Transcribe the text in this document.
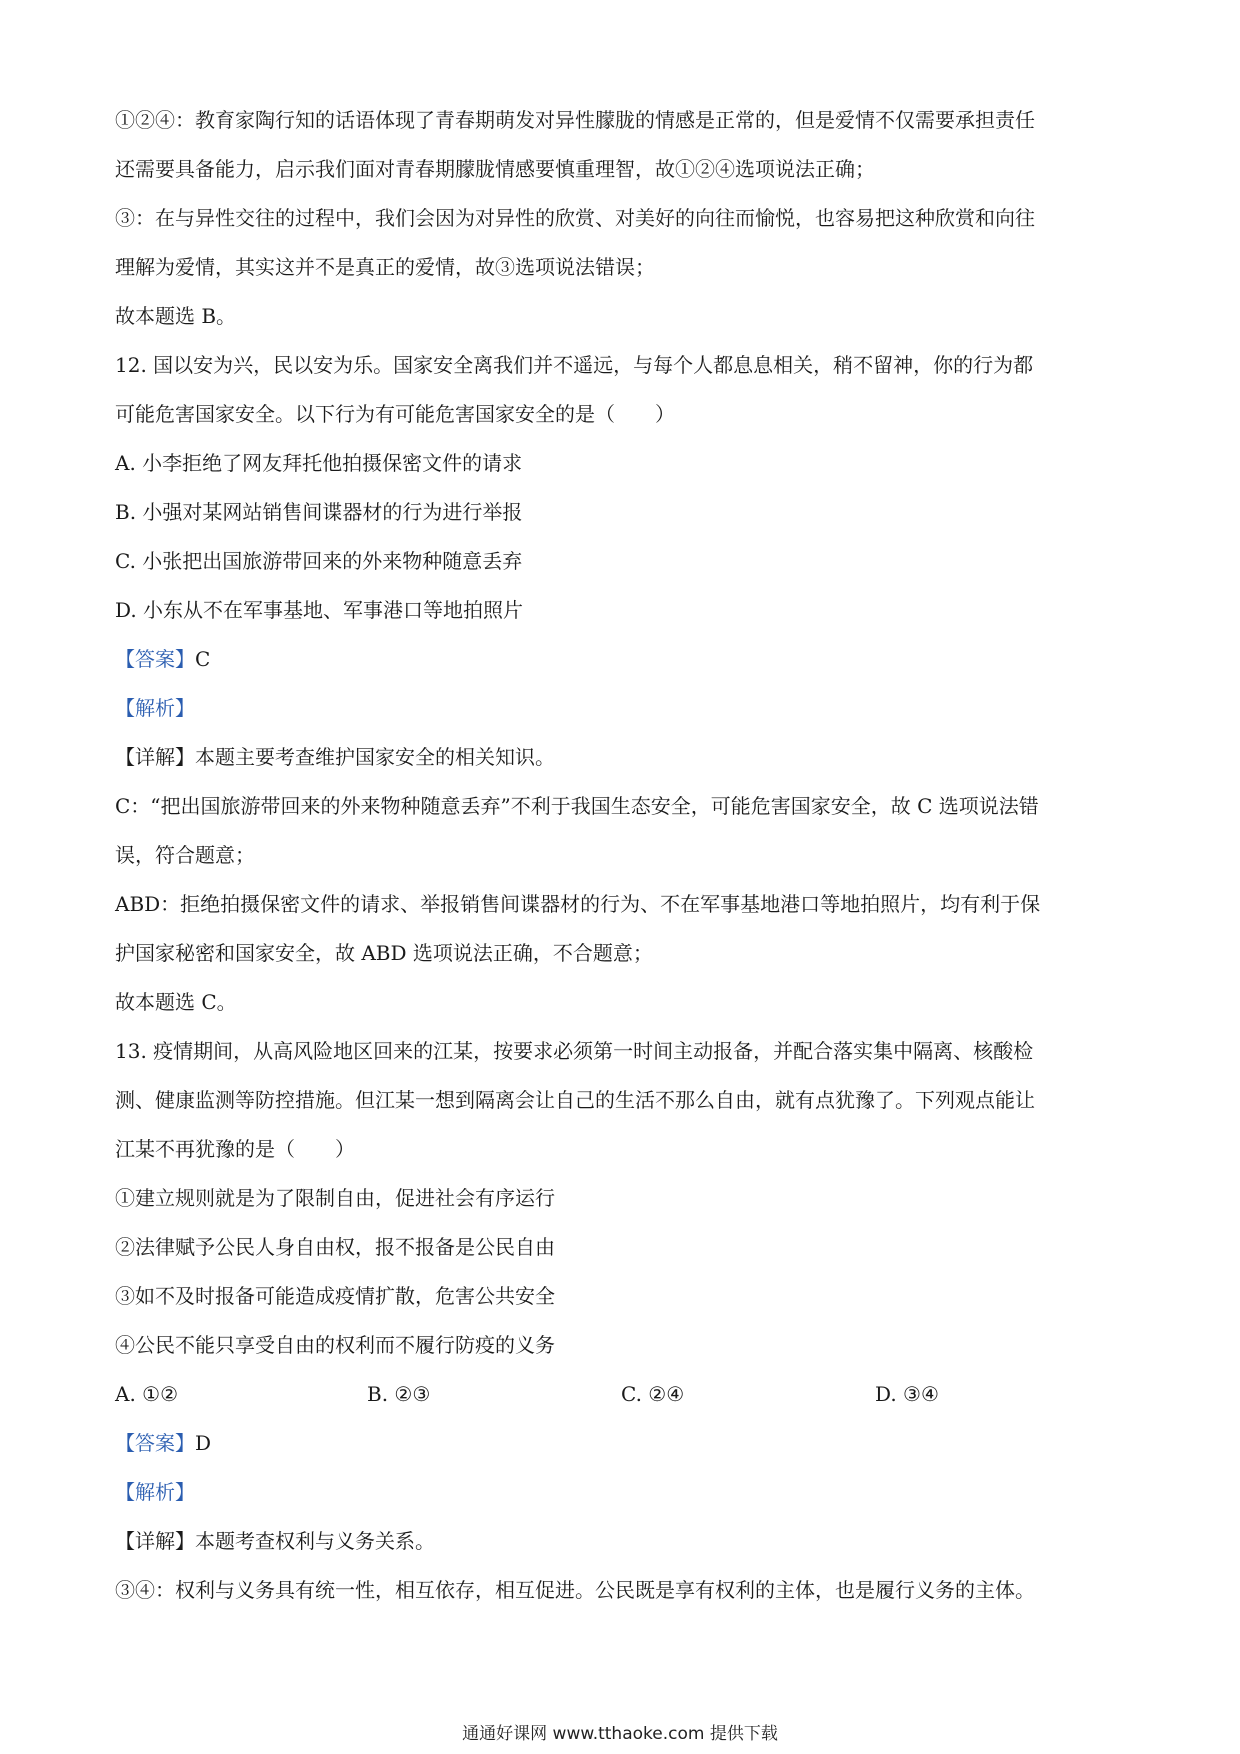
①②④：教育家陶行知的话语体现了青春期萌发对异性朦胧的情感是正常的，但是爱情不仅需要承担责任

还需要具备能力，启示我们面对青春期朦胧情感要慎重理智，故①②④选项说法正确；

③：在与异性交往的过程中，我们会因为对异性的欣赏、对美好的向往而愉悦，也容易把这种欣赏和向往

理解为爱情，其实这并不是真正的爱情，故③选项说法错误；

故本题选 B。

12. 国以安为兴，民以安为乐。国家安全离我们并不遥远，与每个人都息息相关，稍不留神，你的行为都

可能危害国家安全。以下行为有可能危害国家安全的是（　　）

A. 小李拒绝了网友拜托他拍摄保密文件的请求

B. 小强对某网站销售间谍器材的行为进行举报

C. 小张把出国旅游带回来的外来物种随意丢弃

D. 小东从不在军事基地、军事港口等地拍照片

【答案】C

【解析】

【详解】本题主要考查维护国家安全的相关知识。

C：“把出国旅游带回来的外来物种随意丢弃”不利于我国生态安全，可能危害国家安全，故 C 选项说法错

误，符合题意；

ABD：拒绝拍摄保密文件的请求、举报销售间谍器材的行为、不在军事基地港口等地拍照片，均有利于保

护国家秘密和国家安全，故 ABD 选项说法正确，不合题意；

故本题选 C。

13. 疫情期间，从高风险地区回来的江某，按要求必须第一时间主动报备，并配合落实集中隔离、核酸检

测、健康监测等防控措施。但江某一想到隔离会让自己的生活不那么自由，就有点犹豫了。下列观点能让

江某不再犹豫的是（　　）

①建立规则就是为了限制自由，促进社会有序运行

②法律赋予公民人身自由权，报不报备是公民自由

③如不及时报备可能造成疫情扩散，危害公共安全

④公民不能只享受自由的权利而不履行防疫的义务

A. ①②	B. ②③	C. ②④	D. ③④

【答案】D

【解析】

【详解】本题考查权利与义务关系。

③④：权利与义务具有统一性，相互依存，相互促进。公民既是享有权利的主体，也是履行义务的主体。

通通好课网 www.tthaoke.com 提供下载
